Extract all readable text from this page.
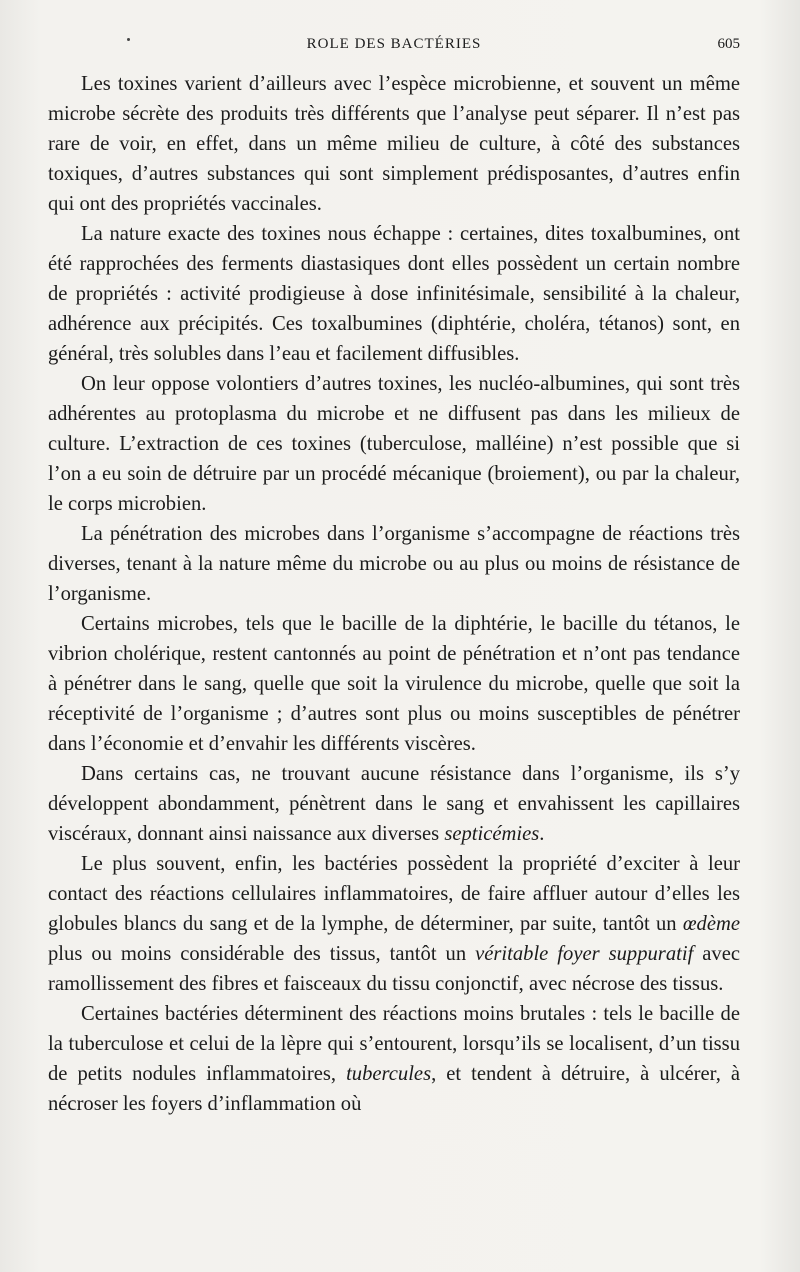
ROLE DES BACTÉRIES	605

Les toxines varient d’ailleurs avec l’espèce microbienne, et souvent un même microbe sécrète des produits très différents que l’analyse peut séparer. Il n’est pas rare de voir, en effet, dans un même milieu de culture, à côté des substances toxiques, d’autres substances qui sont simplement prédisposantes, d’autres enfin qui ont des propriétés vaccinales.

La nature exacte des toxines nous échappe : certaines, dites toxalbumines, ont été rapprochées des ferments diastasiques dont elles possèdent un certain nombre de propriétés : activité prodigieuse à dose infinitésimale, sensibilité à la chaleur, adhérence aux précipités. Ces toxalbumines (diphtérie, choléra, tétanos) sont, en général, très solubles dans l’eau et facilement diffusibles.

On leur oppose volontiers d’autres toxines, les nucléo-albumines, qui sont très adhérentes au protoplasma du microbe et ne diffusent pas dans les milieux de culture. L’extraction de ces toxines (tuberculose, malléine) n’est possible que si l’on a eu soin de détruire par un procédé mécanique (broiement), ou par la chaleur, le corps microbien.

La pénétration des microbes dans l’organisme s’accompagne de réactions très diverses, tenant à la nature même du microbe ou au plus ou moins de résistance de l’organisme.

Certains microbes, tels que le bacille de la diphtérie, le bacille du tétanos, le vibrion cholérique, restent cantonnés au point de pénétration et n’ont pas tendance à pénétrer dans le sang, quelle que soit la virulence du microbe, quelle que soit la réceptivité de l’organisme ; d’autres sont plus ou moins susceptibles de pénétrer dans l’économie et d’envahir les différents viscères.

Dans certains cas, ne trouvant aucune résistance dans l’organisme, ils s’y développent abondamment, pénètrent dans le sang et envahissent les capillaires viscéraux, donnant ainsi naissance aux diverses septicémies.

Le plus souvent, enfin, les bactéries possèdent la propriété d’exciter à leur contact des réactions cellulaires inflammatoires, de faire affluer autour d’elles les globules blancs du sang et de la lymphe, de déterminer, par suite, tantôt un œdème plus ou moins considérable des tissus, tantôt un véritable foyer suppuratif avec ramollissement des fibres et faisceaux du tissu conjonctif, avec nécrose des tissus.

Certaines bactéries déterminent des réactions moins brutales : tels le bacille de la tuberculose et celui de la lèpre qui s’entourent, lorsqu’ils se localisent, d’un tissu de petits nodules inflammatoires, tubercules, et tendent à détruire, à ulcérer, à nécroser les foyers d’inflammation où
